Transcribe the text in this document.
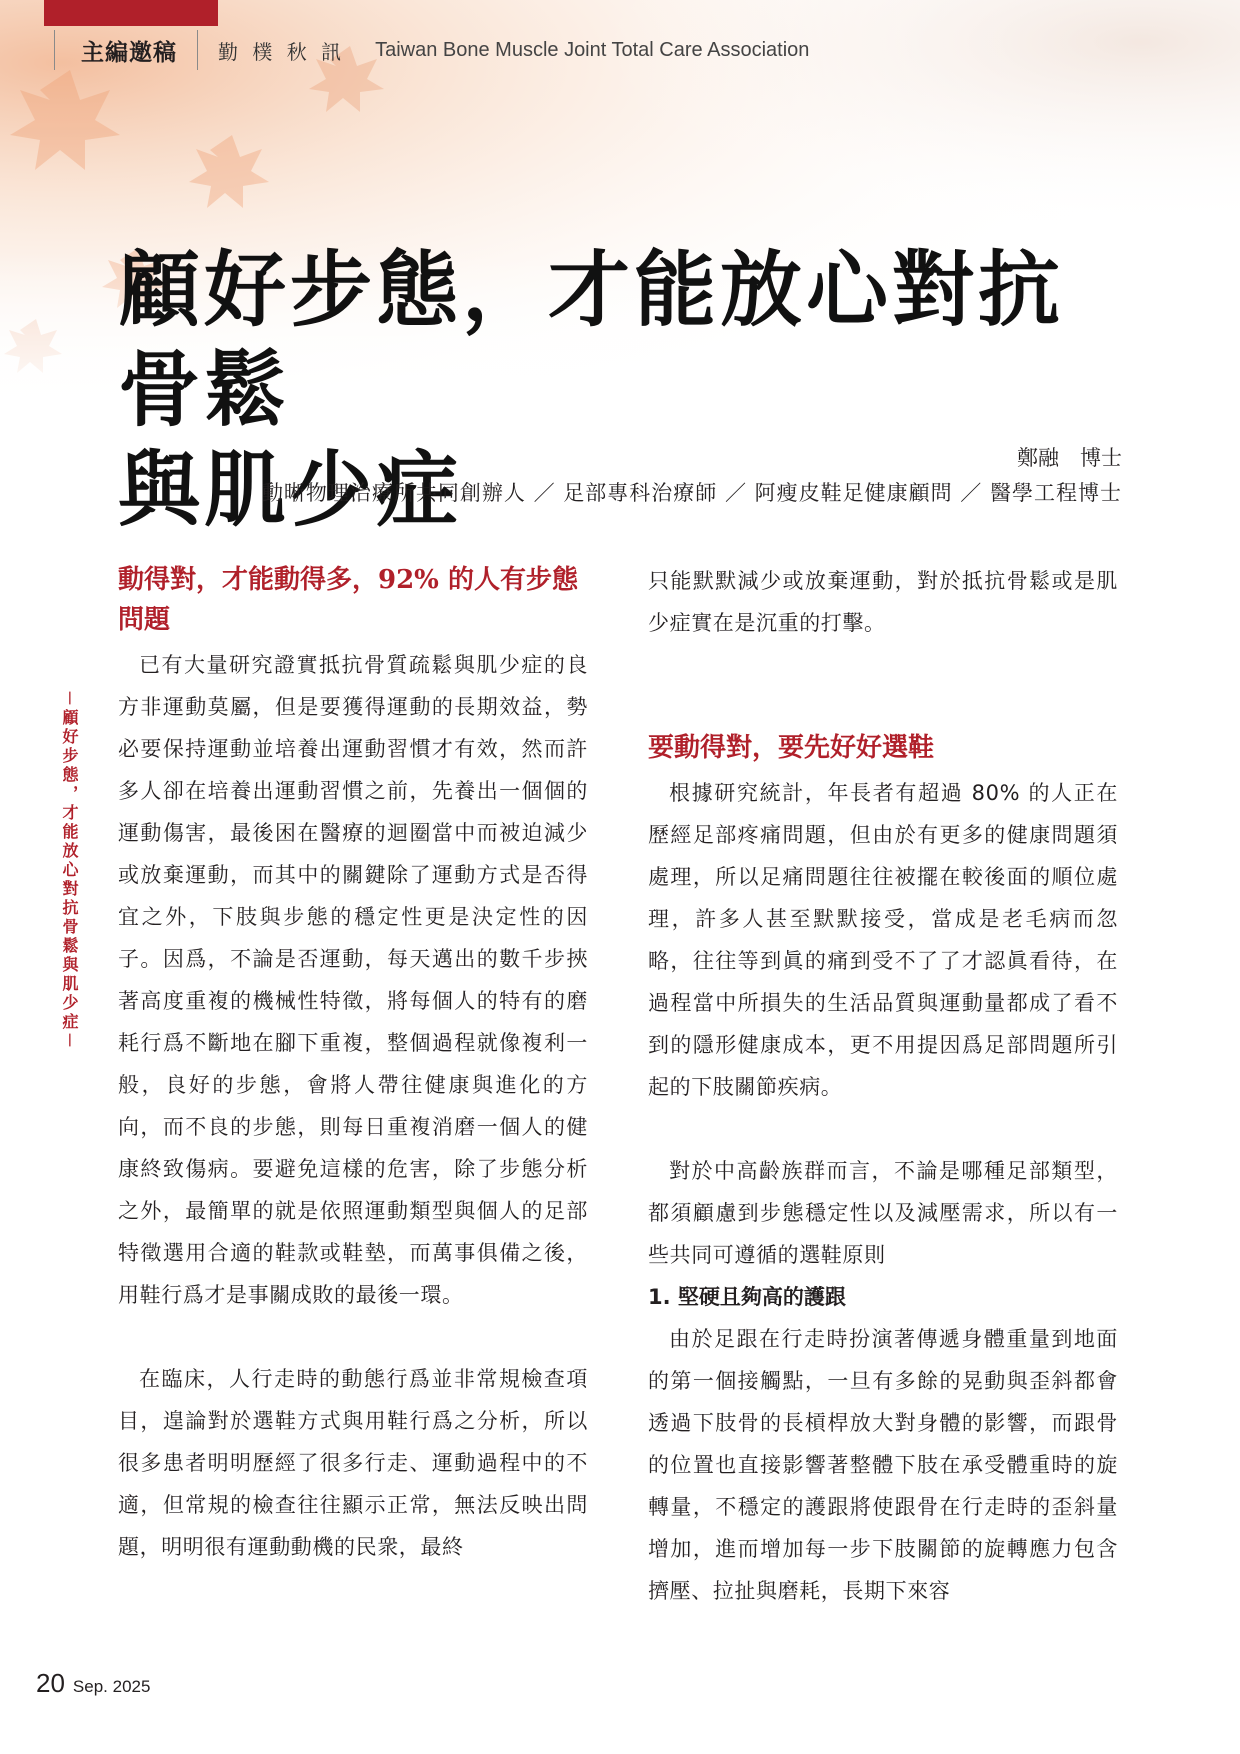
主編邀稿	勤 樸 秋 訊	Taiwan Bone Muscle Joint Total Care Association
顧好步態，才能放心對抗骨鬆
與肌少症	鄭融　博士

動晰物理治療所共同創辦人 ／ 足部專科治療師 ／ 阿瘦皮鞋足健康顧問 ／ 醫學工程博士

－顧好步態，才能放心對抗骨鬆與肌少症－
動得對，才能動得多，92% 的人有步態問題

已有大量研究證實抵抗骨質疏鬆與肌少症的良方非運動莫屬，但是要獲得運動的長期效益，勢必要保持運動並培養出運動習慣才有效，然而許多人卻在培養出運動習慣之前，先養出一個個的運動傷害，最後困在醫療的迴圈當中而被迫減少或放棄運動，而其中的關鍵除了運動方式是否得宜之外，下肢與步態的穩定性更是決定性的因子。因爲，不論是否運動，每天邁出的數千步挾著高度重複的機械性特徵，將每個人的特有的磨耗行爲不斷地在腳下重複，整個過程就像複利一般，良好的步態，會將人帶往健康與進化的方向，而不良的步態，則每日重複消磨一個人的健康終致傷病。要避免這樣的危害，除了步態分析之外，最簡單的就是依照運動類型與個人的足部特徵選用合適的鞋款或鞋墊，而萬事俱備之後，用鞋行爲才是事關成敗的最後一環。

在臨床，人行走時的動態行爲並非常規檢查項目，遑論對於選鞋方式與用鞋行爲之分析，所以很多患者明明歷經了很多行走、運動過程中的不適，但常規的檢查往往顯示正常，無法反映出問題，明明很有運動動機的民衆，最終

只能默默減少或放棄運動，對於抵抗骨鬆或是肌少症實在是沉重的打擊。

要動得對，要先好好選鞋

根據研究統計，年長者有超過 80% 的人正在歷經足部疼痛問題，但由於有更多的健康問題須處理，所以足痛問題往往被擺在較後面的順位處理，許多人甚至默默接受，當成是老毛病而忽略，往往等到眞的痛到受不了了才認眞看待，在過程當中所損失的生活品質與運動量都成了看不到的隱形健康成本，更不用提因爲足部問題所引起的下肢關節疾病。

對於中高齡族群而言，不論是哪種足部類型，都須顧慮到步態穩定性以及減壓需求，所以有一些共同可遵循的選鞋原則

1. 堅硬且夠高的護跟

由於足跟在行走時扮演著傳遞身體重量到地面的第一個接觸點，一旦有多餘的晃動與歪斜都會透過下肢骨的長槓桿放大對身體的影響，而跟骨的位置也直接影響著整體下肢在承受體重時的旋轉量，不穩定的護跟將使跟骨在行走時的歪斜量增加，進而增加每一步下肢關節的旋轉應力包含擠壓、拉扯與磨耗，長期下來容

20 Sep. 2025
